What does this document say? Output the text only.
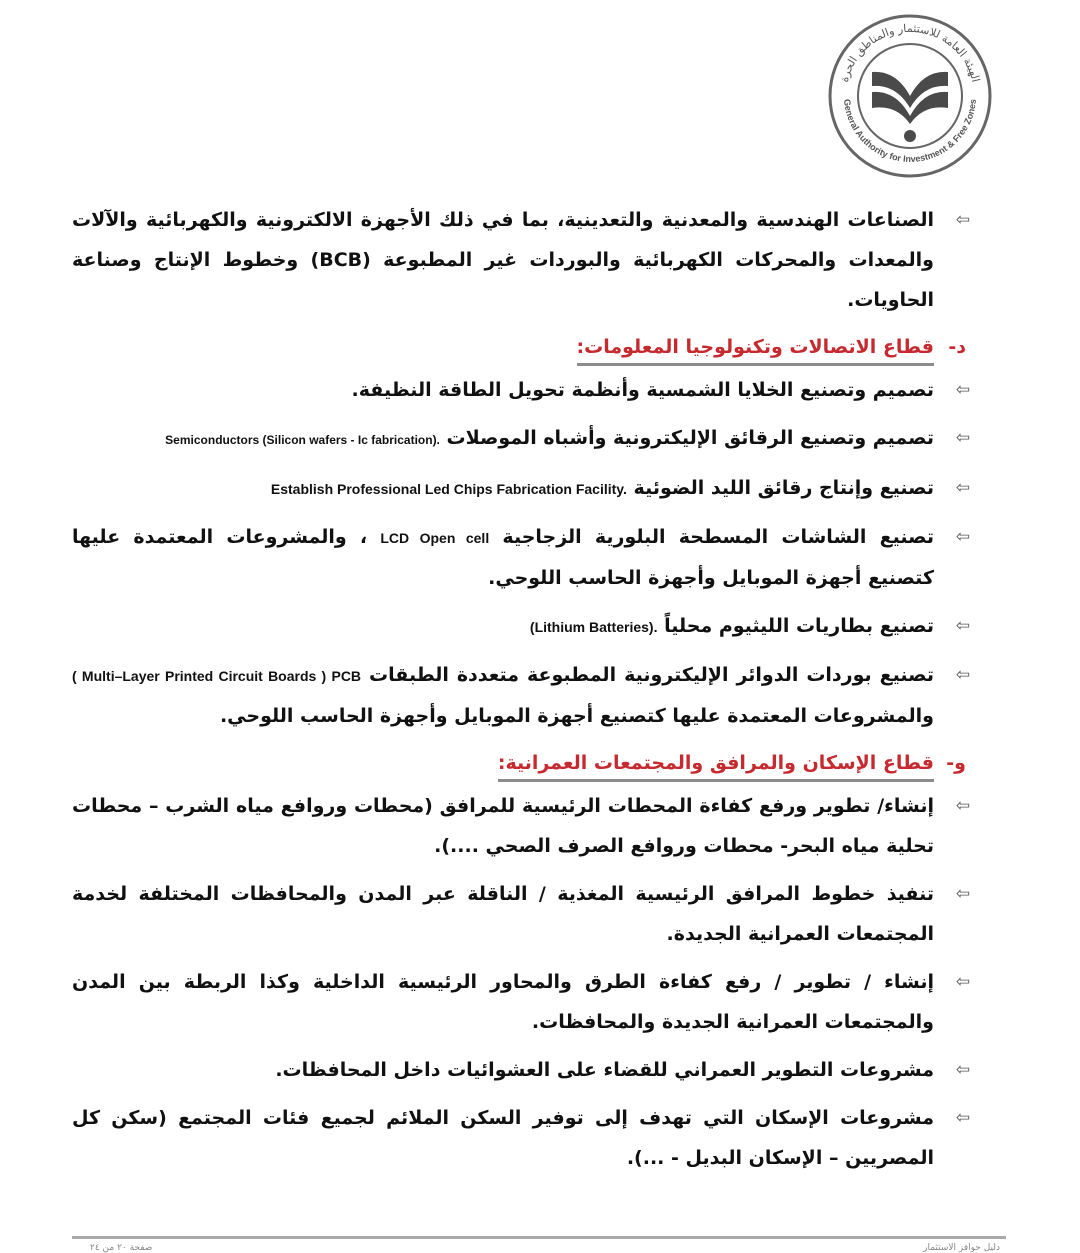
الهيئة العامة للاستثمار والمناطق الحرة
General Authority for Investment & Free Zones
⇦
الصناعات الهندسية والمعدنية والتعدينية، بما في ذلك الأجهزة الالكترونية والكهربائية والآلات والمعدات والمحركات الكهربائية والبوردات غير المطبوعة (BCB) وخطوط الإنتاج وصناعة الحاويات.
د-
قطاع الاتصالات وتكنولوجيا المعلومات:
⇦
تصميم وتصنيع الخلايا الشمسية وأنظمة تحويل الطاقة النظيفة.
⇦
تصميم وتصنيع الرقائق الإليكترونية وأشباه الموصلات Semiconductors (Silicon wafers - Ic fabrication).
⇦
تصنيع وإنتاج رقائق الليد الضوئية Establish Professional Led Chips Fabrication Facility.
⇦
تصنيع الشاشات المسطحة البلورية الزجاجية LCD Open cell ، والمشروعات المعتمدة عليها كتصنيع أجهزة الموبايل وأجهزة الحاسب اللوحي.
⇦
تصنيع بطاريات الليثيوم محلياً (Lithium Batteries).
⇦
تصنيع بوردات الدوائر الإليكترونية المطبوعة متعددة الطبقات ( Multi–Layer Printed Circuit Boards ) PCB والمشروعات المعتمدة عليها كتصنيع أجهزة الموبايل وأجهزة الحاسب اللوحي.
و-
قطاع الإسكان والمرافق والمجتمعات العمرانية:
⇦
إنشاء/ تطوير ورفع كفاءة المحطات الرئيسية للمرافق (محطات وروافع مياه الشرب – محطات تحلية مياه البحر- محطات وروافع الصرف الصحي ....).
⇦
تنفيذ خطوط المرافق الرئيسية المغذية / الناقلة عبر المدن والمحافظات المختلفة لخدمة المجتمعات العمرانية الجديدة.
⇦
إنشاء / تطوير / رفع كفاءة الطرق والمحاور الرئيسية الداخلية وكذا الربطة بين المدن والمجتمعات العمرانية الجديدة والمحافظات.
⇦
مشروعات التطوير العمراني للقضاء على العشوائيات داخل المحافظات.
⇦
مشروعات الإسكان التي تهدف إلى توفير السكن الملائم لجميع فئات المجتمع (سكن كل المصريين – الإسكان البديل - ...).
صفحة ٢٠ من ٢٤	دليل حوافز الاستثمار
